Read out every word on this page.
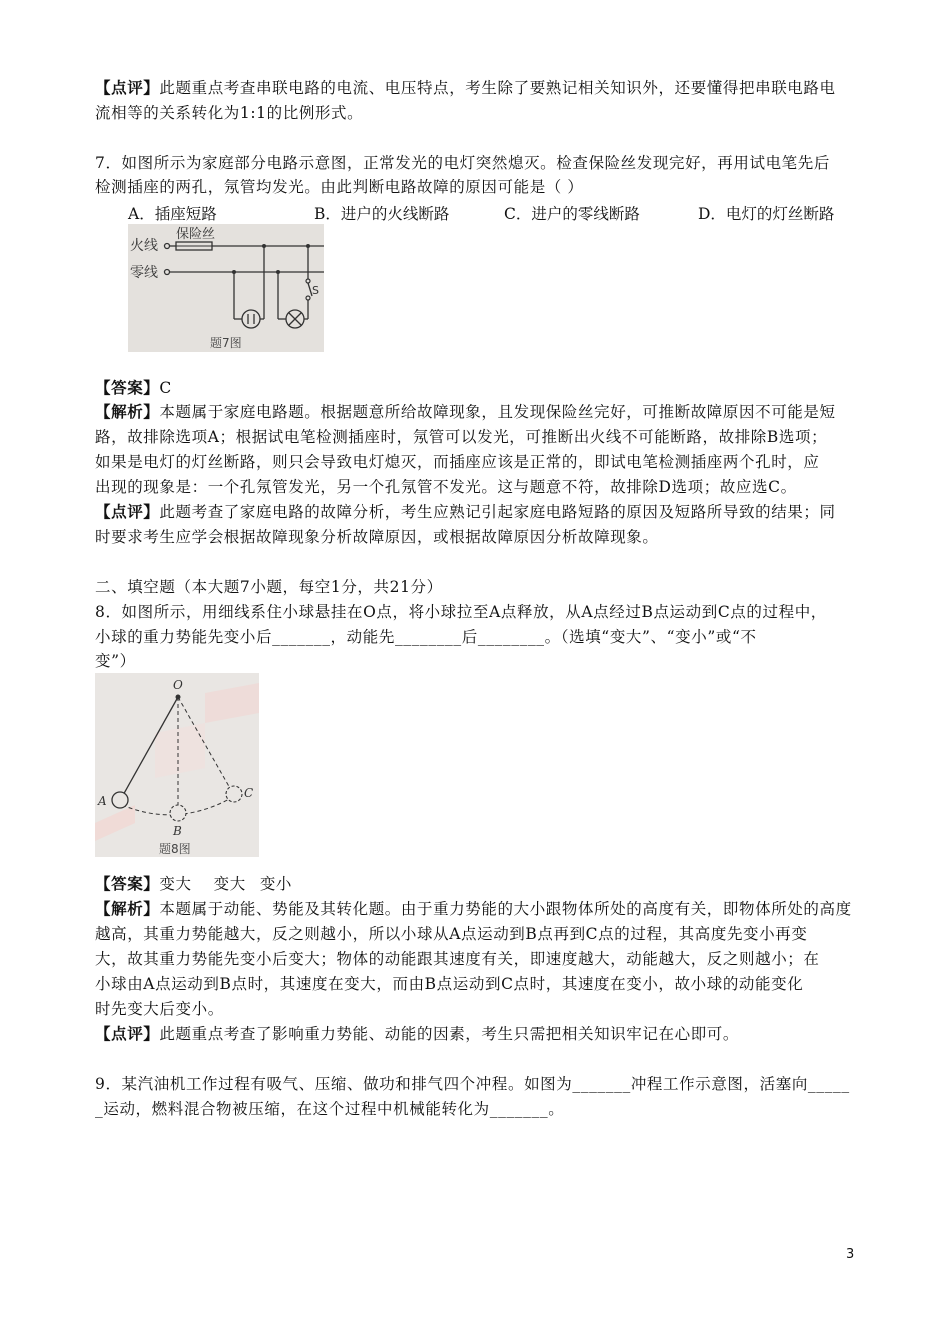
【点评】此题重点考查串联电路的电流、电压特点，考生除了要熟记相关知识外，还要懂得把串联电路电
流相等的关系转化为1:1的比例形式。
7．如图所示为家庭部分电路示意图，正常发光的电灯突然熄灭。检查保险丝发现完好，再用试电笔先后
检测插座的两孔，氖管均发光。由此判断电路故障的原因可能是（ ）
A．插座短路	B．进户的火线断路	C．进户的零线断路	D．电灯的灯丝断路
火线
零线
保险丝
S
题7图
【答案】C
【解析】本题属于家庭电路题。根据题意所给故障现象，且发现保险丝完好，可推断故障原因不可能是短
路，故排除选项A；根据试电笔检测插座时，氖管可以发光，可推断出火线不可能断路，故排除B选项；
如果是电灯的灯丝断路，则只会导致电灯熄灭，而插座应该是正常的，即试电笔检测插座两个孔时，应
出现的现象是：一个孔氖管发光，另一个孔氖管不发光。这与题意不符，故排除D选项；故应选C。
【点评】此题考查了家庭电路的故障分析，考生应熟记引起家庭电路短路的原因及短路所导致的结果；同
时要求考生应学会根据故障现象分析故障原因，或根据故障原因分析故障现象。
二、填空题（本大题7小题，每空1分，共21分）
8．如图所示，用细线系住小球悬挂在O点，将小球拉至A点释放，从A点经过B点运动到C点的过程中，
小球的重力势能先变小后_______，动能先________后________。（选填“变大”、“变小”或“不
变”）
O
A
B
C
题8图
【答案】变大 变大 变小
【解析】本题属于动能、势能及其转化题。由于重力势能的大小跟物体所处的高度有关，即物体所处的高度
越高，其重力势能越大，反之则越小，所以小球从A点运动到B点再到C点的过程，其高度先变小再变
大，故其重力势能先变小后变大；物体的动能跟其速度有关，即速度越大，动能越大，反之则越小；在
小球由A点运动到B点时，其速度在变大，而由B点运动到C点时，其速度在变小，故小球的动能变化
时先变大后变小。
【点评】此题重点考查了影响重力势能、动能的因素，考生只需把相关知识牢记在心即可。
9．某汽油机工作过程有吸气、压缩、做功和排气四个冲程。如图为_______冲程工作示意图，活塞向_____
_运动，燃料混合物被压缩，在这个过程中机械能转化为_______。
3
